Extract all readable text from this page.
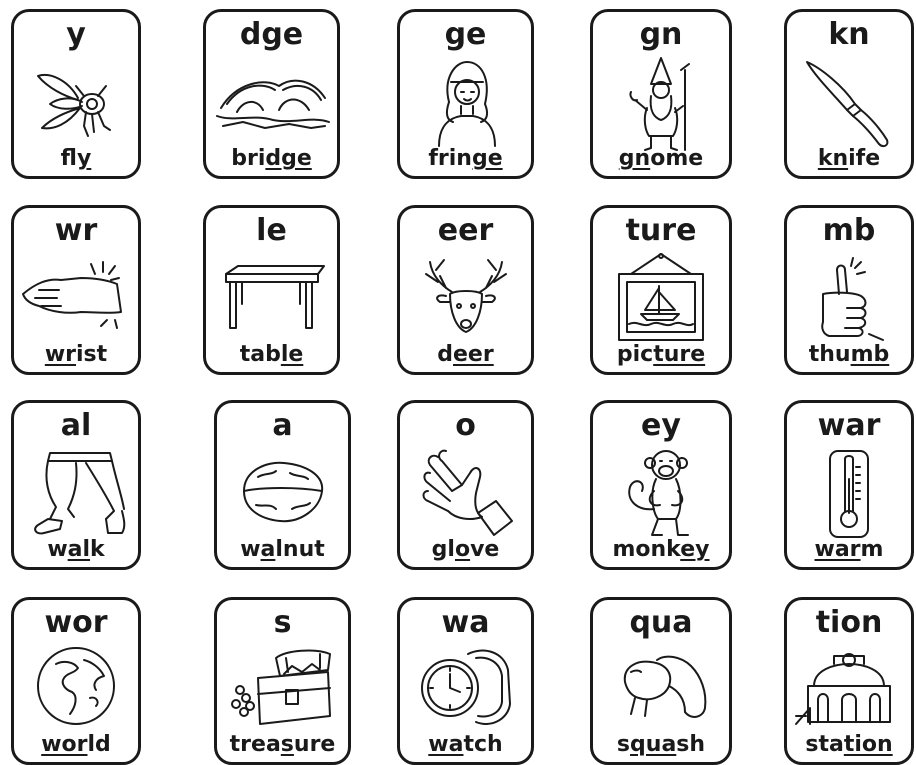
y
fly
dge
bridge
ge
fringe
gn
gnome
kn
knife
wr
wrist
le
table
eer
deer
ture
picture
mb
thumb
al
walk
a
walnut
o
glove
ey
monkey
war
warm
wor
world
s
treasure
wa
watch
qua
squash
tion
station
